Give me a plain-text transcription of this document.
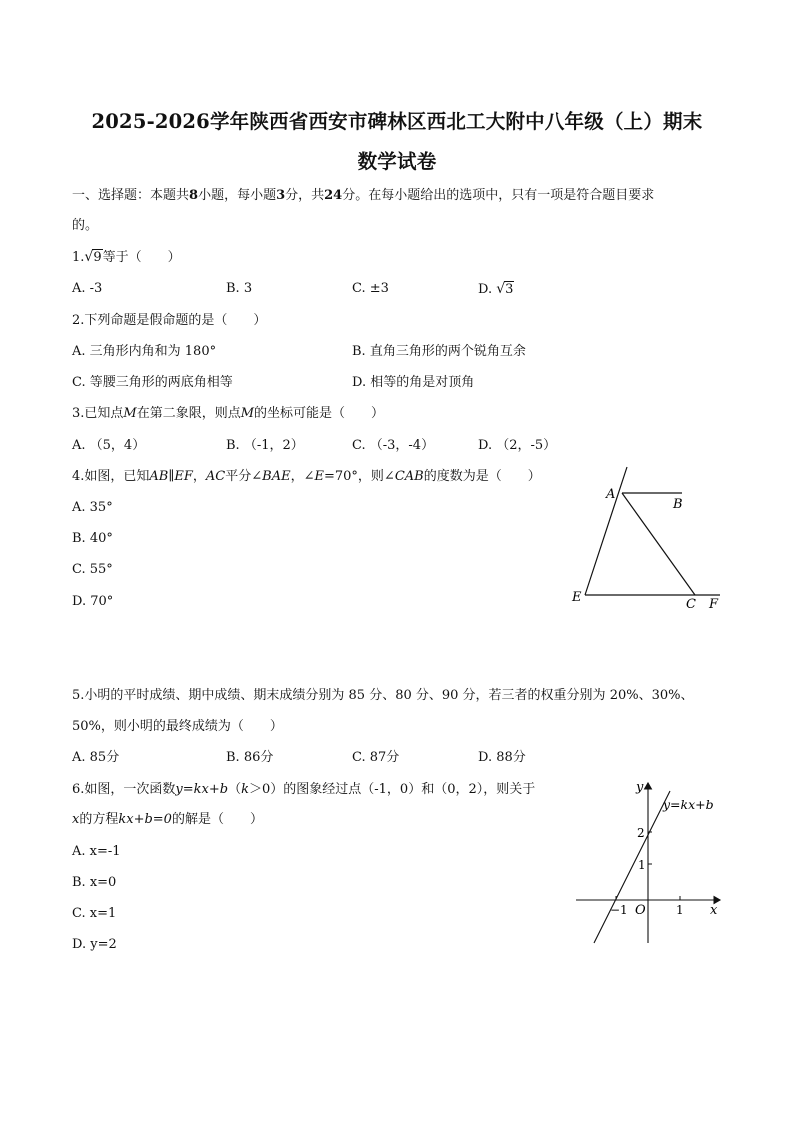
2025-2026学年陕西省西安市碑林区西北工大附中八年级（上）期末
数学试卷
一、选择题：本题共8小题，每小题3分，共24分。在每小题给出的选项中，只有一项是符合题目要求
的。
1.√9等于（　　）
A. -3	B. 3	C. ±3	D. √3
2.下列命题是假命题的是（　　）
A. 三角形内角和为 180°	B. 直角三角形的两个锐角互余
C. 等腰三角形的两底角相等	D. 相等的角是对顶角
3.已知点M在第二象限，则点M的坐标可能是（　　）
A. （5，4）	B. （-1，2）	C. （-3，-4）	D. （2，-5）
4.如图，已知AB∥EF，AC平分∠BAE，∠E=70°，则∠CAB的度数为是（　　）
A. 35°
B. 40°
C. 55°
D. 70°
A
B
E	C F
5.小明的平时成绩、期中成绩、期末成绩分别为 85 分、80 分、90 分，若三者的权重分别为 20%、30%、
50%，则小明的最终成绩为（　　）
A. 85分	B. 86分	C. 87分	D. 88分
6.如图，一次函数y=kx+b（k＞0）的图象经过点（-1，0）和（0，2），则关于
x的方程kx+b=0的解是（　　）
A. x=-1
B. x=0
C. x=1
D. y=2
y
x
O
y=kx+b
2
1
−1	1
